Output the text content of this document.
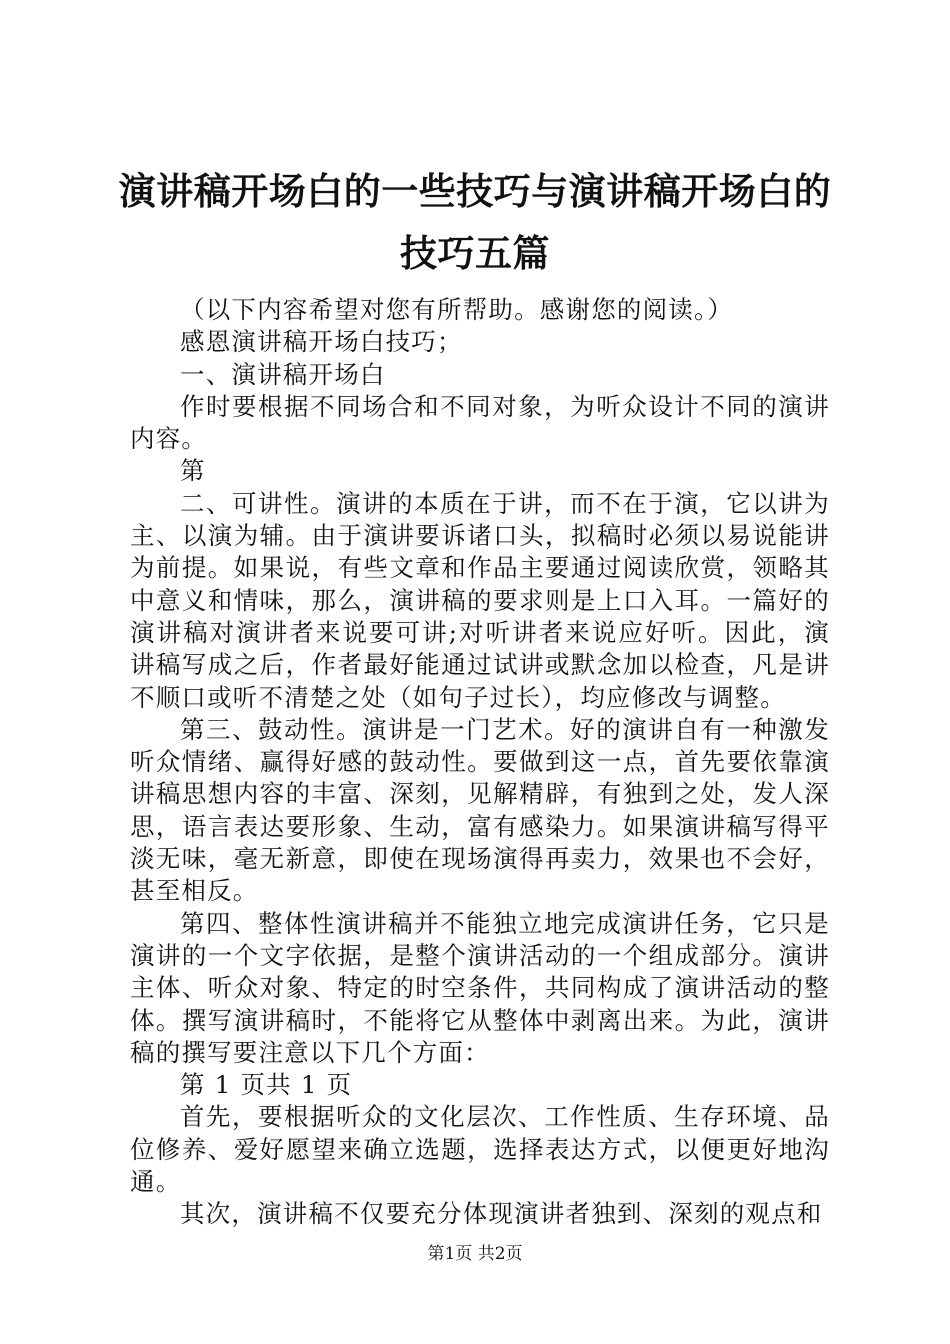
演讲稿开场白的一些技巧与演讲稿开场白的技巧五篇

（以下内容希望对您有所帮助。感谢您的阅读。）

感恩演讲稿开场白技巧；

一、演讲稿开场白

作时要根据不同场合和不同对象，为听众设计不同的演讲内容。

第

二、可讲性。演讲的本质在于讲，而不在于演，它以讲为主、以演为辅。由于演讲要诉诸口头，拟稿时必须以易说能讲为前提。如果说，有些文章和作品主要通过阅读欣赏，领略其中意义和情味，那么，演讲稿的要求则是上口入耳。一篇好的演讲稿对演讲者来说要可讲;对听讲者来说应好听。因此，演讲稿写成之后，作者最好能通过试讲或默念加以检查，凡是讲不顺口或听不清楚之处（如句子过长），均应修改与调整。

第三、鼓动性。演讲是一门艺术。好的演讲自有一种激发听众情绪、赢得好感的鼓动性。要做到这一点，首先要依靠演讲稿思想内容的丰富、深刻，见解精辟，有独到之处，发人深思，语言表达要形象、生动，富有感染力。如果演讲稿写得平淡无味，毫无新意，即使在现场演得再卖力，效果也不会好，甚至相反。

第四、整体性演讲稿并不能独立地完成演讲任务，它只是演讲的一个文字依据，是整个演讲活动的一个组成部分。演讲主体、听众对象、特定的时空条件，共同构成了演讲活动的整体。撰写演讲稿时，不能将它从整体中剥离出来。为此，演讲稿的撰写要注意以下几个方面：

第 1 页共 1 页

首先，要根据听众的文化层次、工作性质、生存环境、品位修养、爱好愿望来确立选题，选择表达方式，以便更好地沟通。

其次，演讲稿不仅要充分体现演讲者独到、深刻的观点和

第1页 共2页
